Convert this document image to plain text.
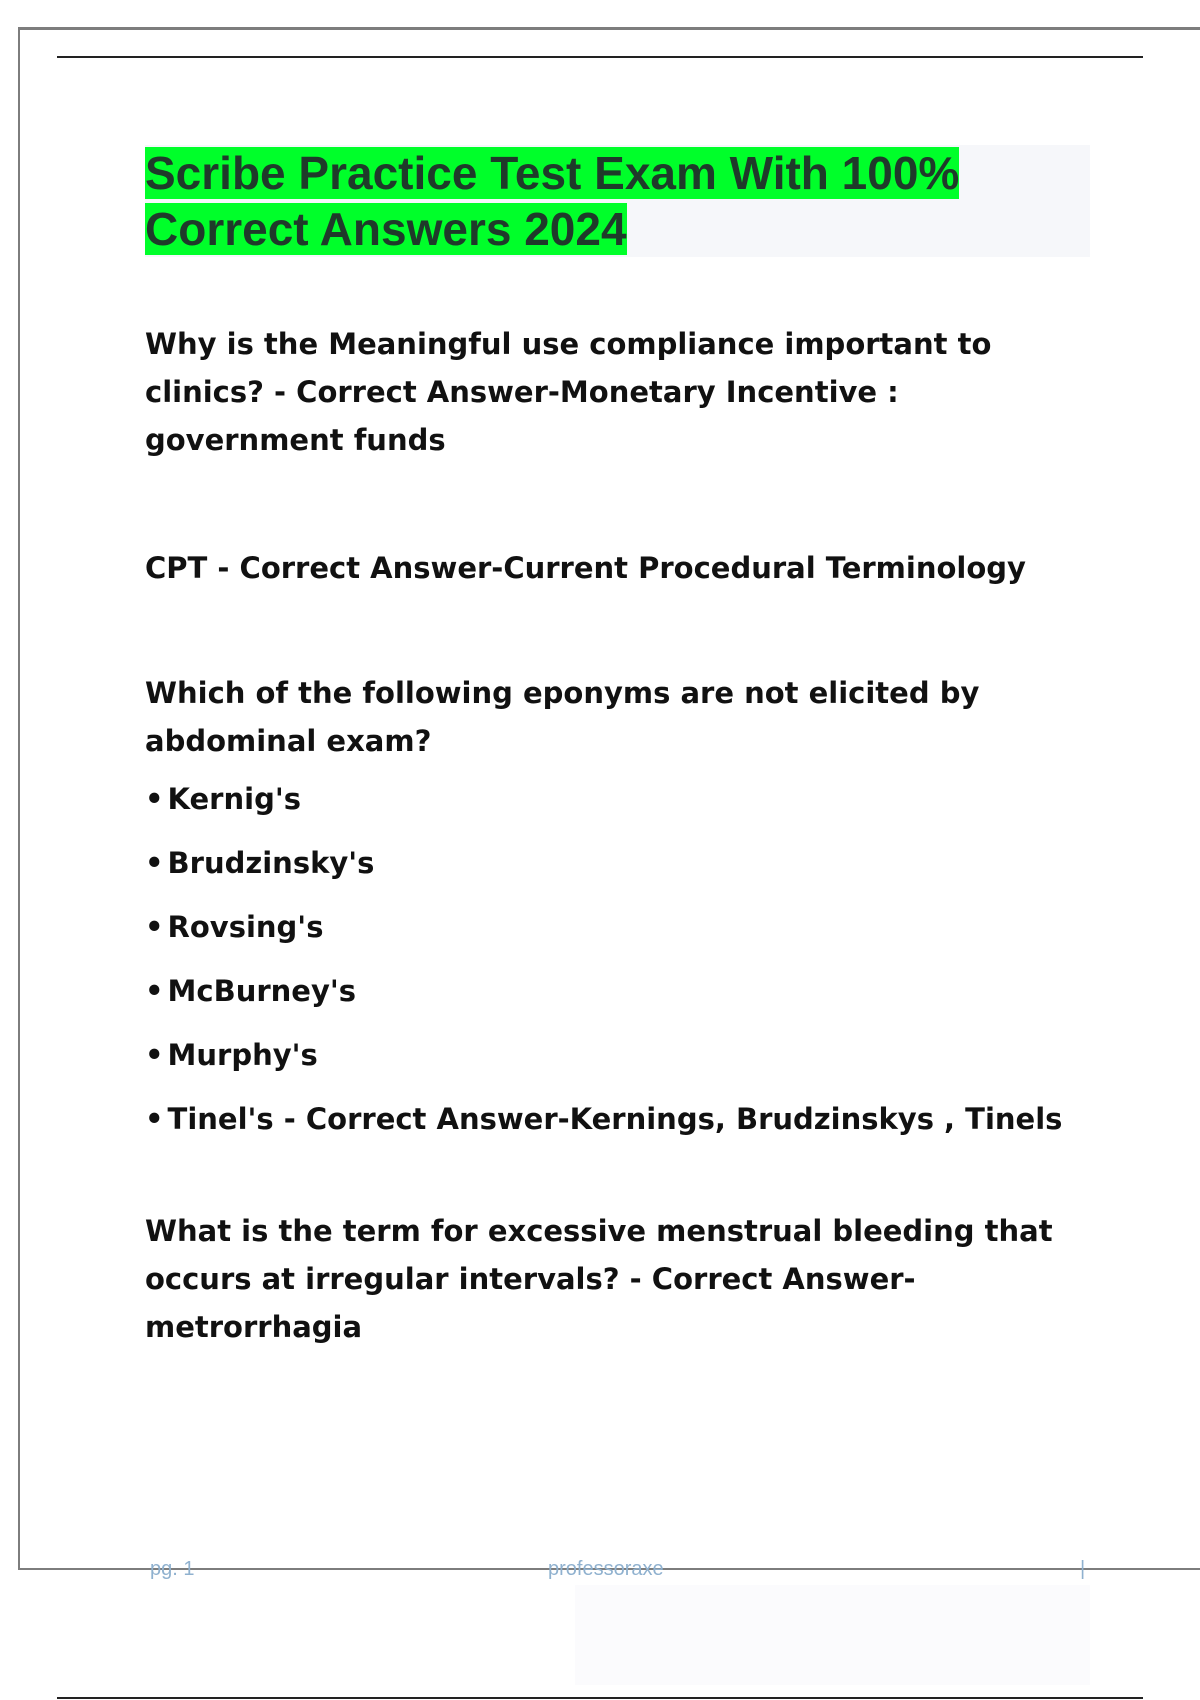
Scribe Practice Test Exam With 100% Correct Answers 2024

Why is the Meaningful use compliance important to clinics? - Correct Answer-Monetary Incentive : government funds

CPT - Correct Answer-Current Procedural Terminology

Which of the following eponyms are not elicited by abdominal exam?

• Kernig's
• Brudzinsky's
• Rovsing's
• McBurney's
• Murphy's
• Tinel's - Correct Answer-Kernings, Brudzinskys , Tinels

What is the term for excessive menstrual bleeding that occurs at irregular intervals? - Correct Answer-metrorrhagia

pg. 1	professoraxe	|
